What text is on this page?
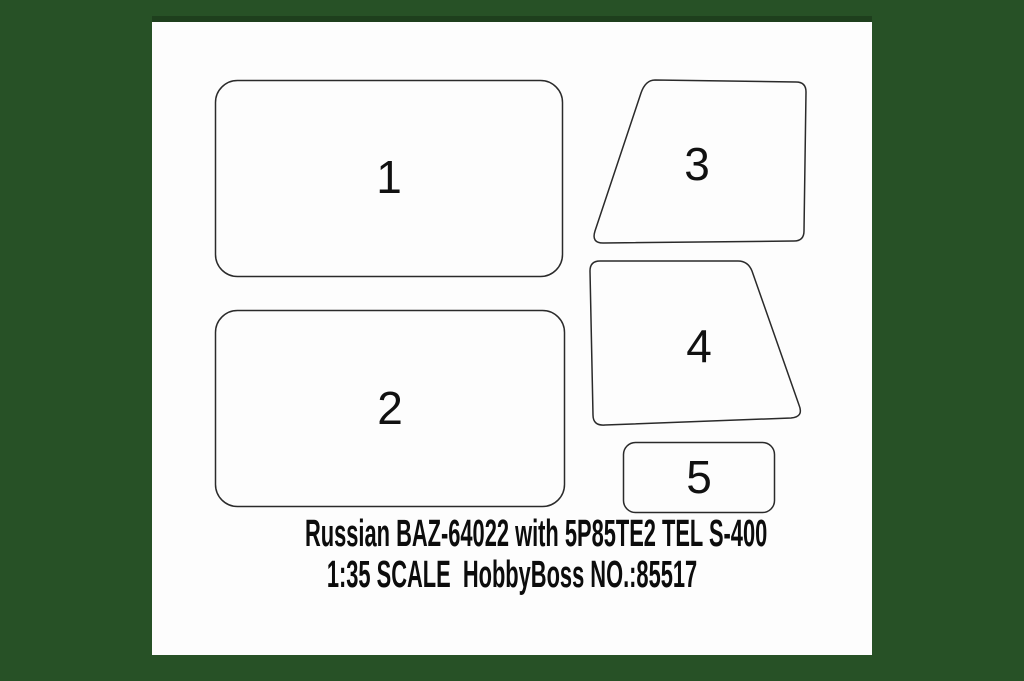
1
2
3
4
5
Russian BAZ-64022 with 5P85TE2 TEL S-400
1:35 SCALE  HobbyBoss NO.:85517
